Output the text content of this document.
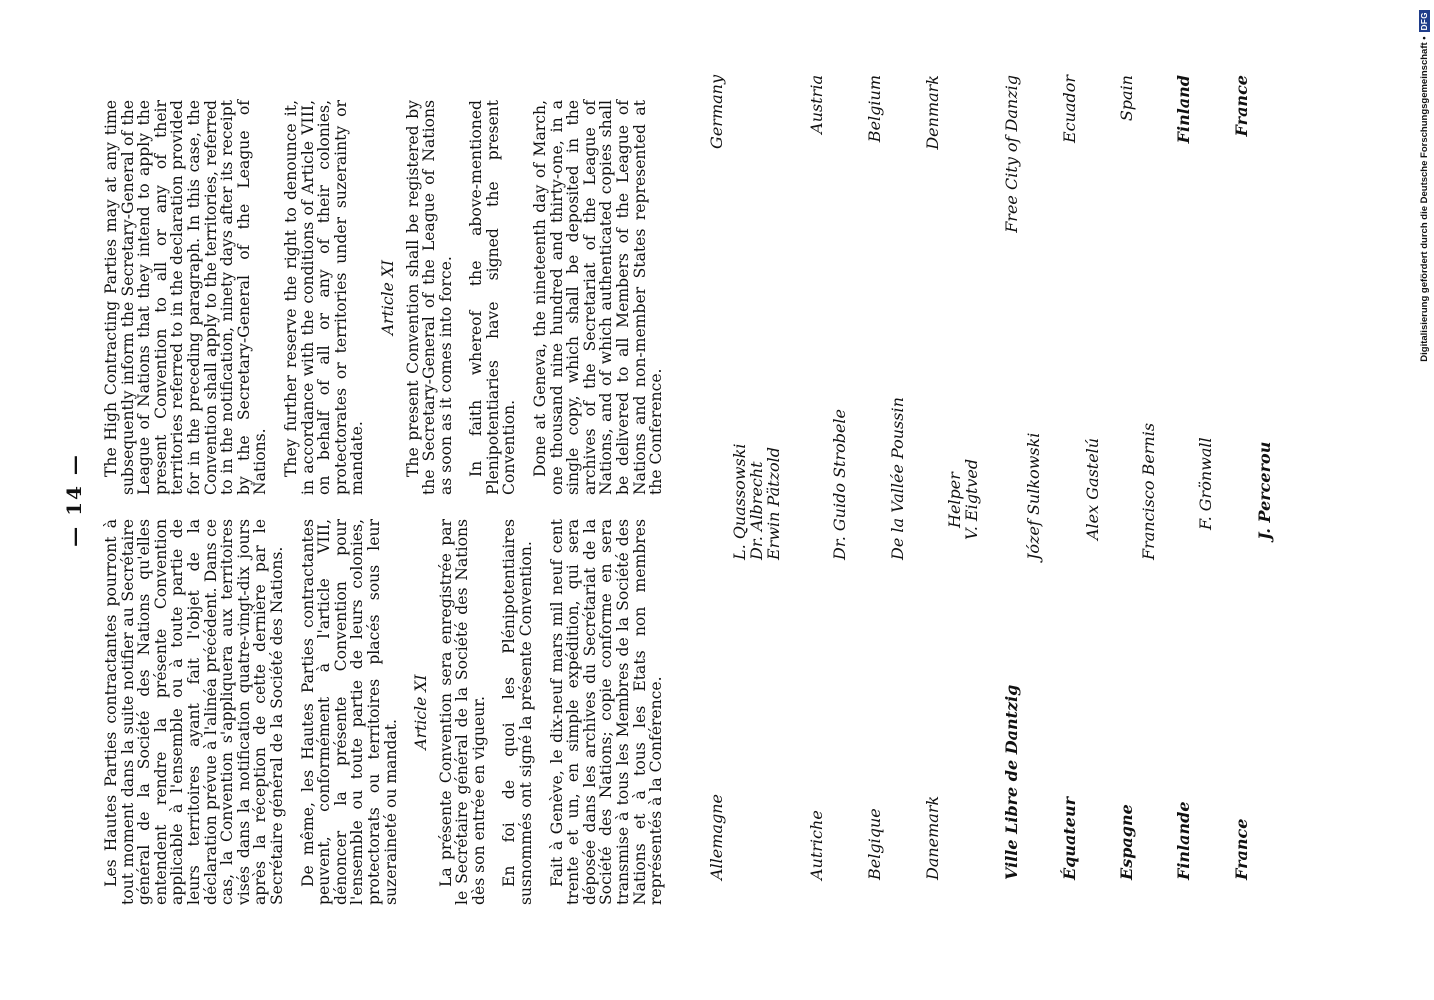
— 14 —

Les Hautes Parties contractantes pourront à tout moment dans la suite notifier au Secrétaire général de la Société des Nations qu'elles entendent rendre la présente Convention applicable à l'ensemble ou à toute partie de leurs territoires ayant fait l'objet de la déclaration prévue à l'alinéa précédent. Dans ce cas, la Convention s'appliquera aux territoires visés dans la notification quatre-vingt-dix jours après la réception de cette dernière par le Secrétaire général de la Société des Nations. De même, les Hautes Parties contractantes peuvent, conformément à l'article VIII, dénoncer la présente Convention pour l'ensemble ou toute partie de leurs colonies, protectorats ou territoires placés sous leur suzeraineté ou mandat.

Article XI La présente Convention sera enregistrée par le Secrétaire général de la Société des Nations dès son entrée en vigueur. En foi de quoi les Plénipotentiaires susnommés ont signé la présente Convention. Fait à Genève, le dix-neuf mars mil neuf cent trente et un, en simple expédition, qui sera déposée dans les archives du Secrétariat de la Société des Nations; copie conforme en sera transmise à tous les Membres de la Société des Nations et à tous les Etats non membres représentés à la Conférence.

The High Contracting Parties may at any time subsequently inform the Secretary-General of the League of Nations that they intend to apply the present Convention to all or any of their territories referred to in the declaration provided for in the preceding paragraph. In this case, the Convention shall apply to the territories, referred to in the notification, ninety days after its receipt by the Secretary-General of the League of Nations. They further reserve the right to denounce it, in accordance with the conditions of Article VIII, on behalf of all or any of their colonies, protectorates or territories under suzerainty or mandate.

Article XI The present Convention shall be registered by the Secretary-General of the League of Nations as soon as it comes into force. In faith whereof the above-mentioned Plenipotentiaries have signed the present Convention. Done at Geneva, the nineteenth day of March, one thousand nine hundred and thirty-one, in a single copy, which shall be deposited in the archives of the Secretariat of the League of Nations, and of which authenticated copies shall be delivered to all Members of the League of Nations and non-member States represented at the Conference.

Allemagne
L. Quassowski
Dr. Albrecht
Erwin Pätzold
Germany
Autriche
Dr. Guido Strobele
Austria
Belgique
De la Vallée Poussin
Belgium
Danemark
Helper
V. Eigtved
Denmark
Ville Libre de Dantzig
Józef Sulkowski
Free City of Danzig
Équateur
Alex Gastelú
Ecuador
Espagne
Francisco Bernis
Spain
Finlande
F. Grönwall
Finland
France
J. Percerou
France	Digitalisierung gefördert durch die Deutsche Forschungsgemeinschaft •
DFG
